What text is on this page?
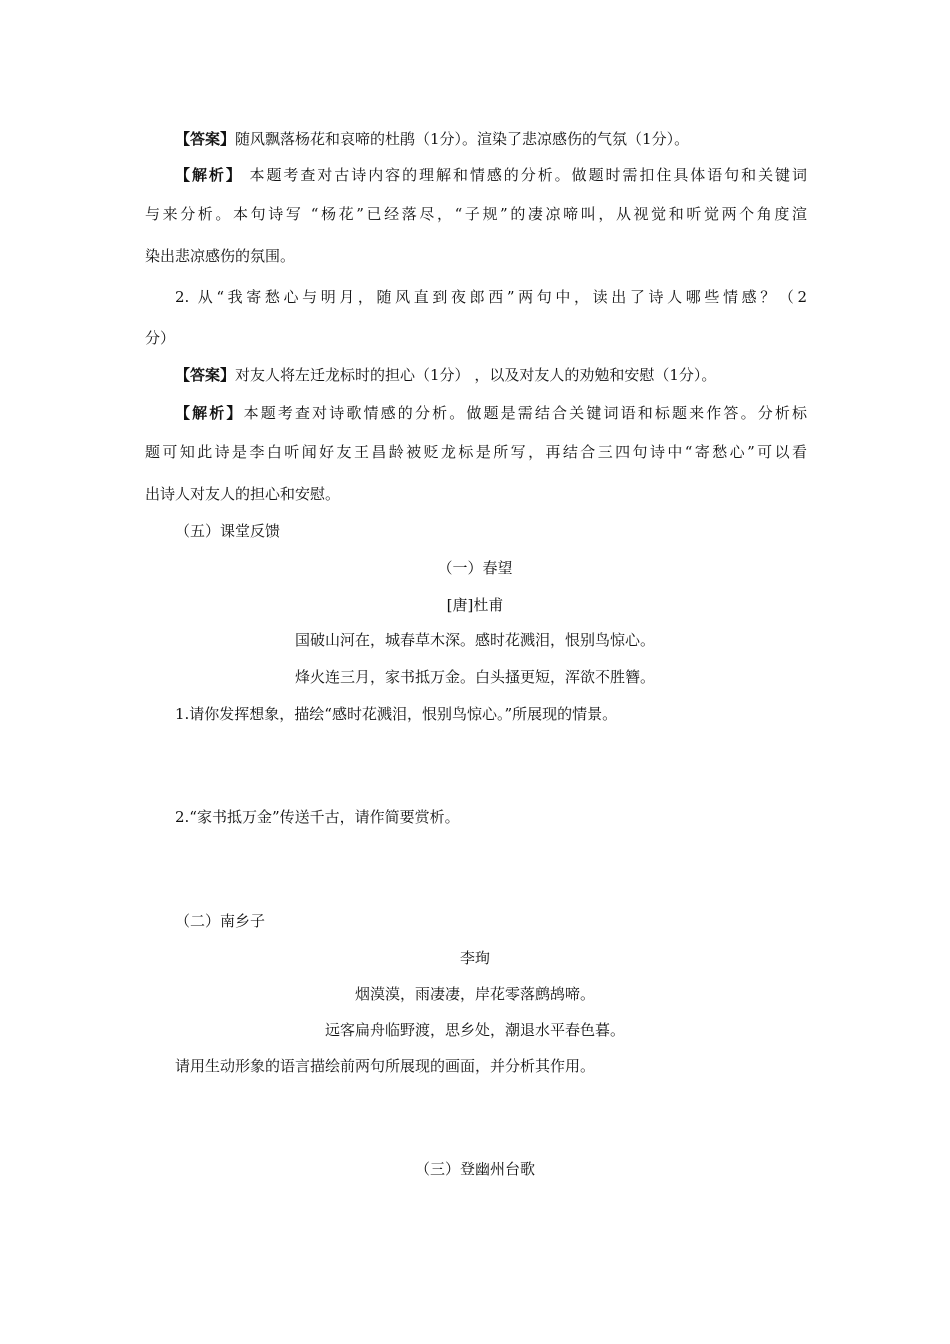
【答案】随风飘落杨花和哀啼的杜鹃（1分）。渲染了悲凉感伤的气氛（1分）。
【解析】 本题考查对古诗内容的理解和情感的分析。做题时需扣住具体语句和关键词
与来分析。本句诗写 “杨花”已经落尽，“子规”的凄凉啼叫，从视觉和听觉两个角度渲
染出悲凉感伤的氛围。
2. 从“我寄愁心与明月，随风直到夜郎西”两句中，读出了诗人哪些情感？（2
分）
【答案】对友人将左迁龙标时的担心（1分） ，以及对友人的劝勉和安慰（1分）。
【解析】本题考查对诗歌情感的分析。做题是需结合关键词语和标题来作答。分析标
题可知此诗是李白听闻好友王昌龄被贬龙标是所写，再结合三四句诗中“寄愁心”可以看
出诗人对友人的担心和安慰。
（五）课堂反馈
（一）春望
[唐]杜甫
国破山河在，城春草木深。感时花溅泪，恨别鸟惊心。
烽火连三月，家书抵万金。白头搔更短，浑欲不胜簪。
1.请你发挥想象，描绘“感时花溅泪，恨别鸟惊心。”所展现的情景。
2.“家书抵万金”传送千古，请作简要赏析。
（二）南乡子
李珣
烟漠漠，雨凄凄，岸花零落鹧鸪啼。
远客扁舟临野渡，思乡处，潮退水平春色暮。
请用生动形象的语言描绘前两句所展现的画面，并分析其作用。
（三）登幽州台歌
